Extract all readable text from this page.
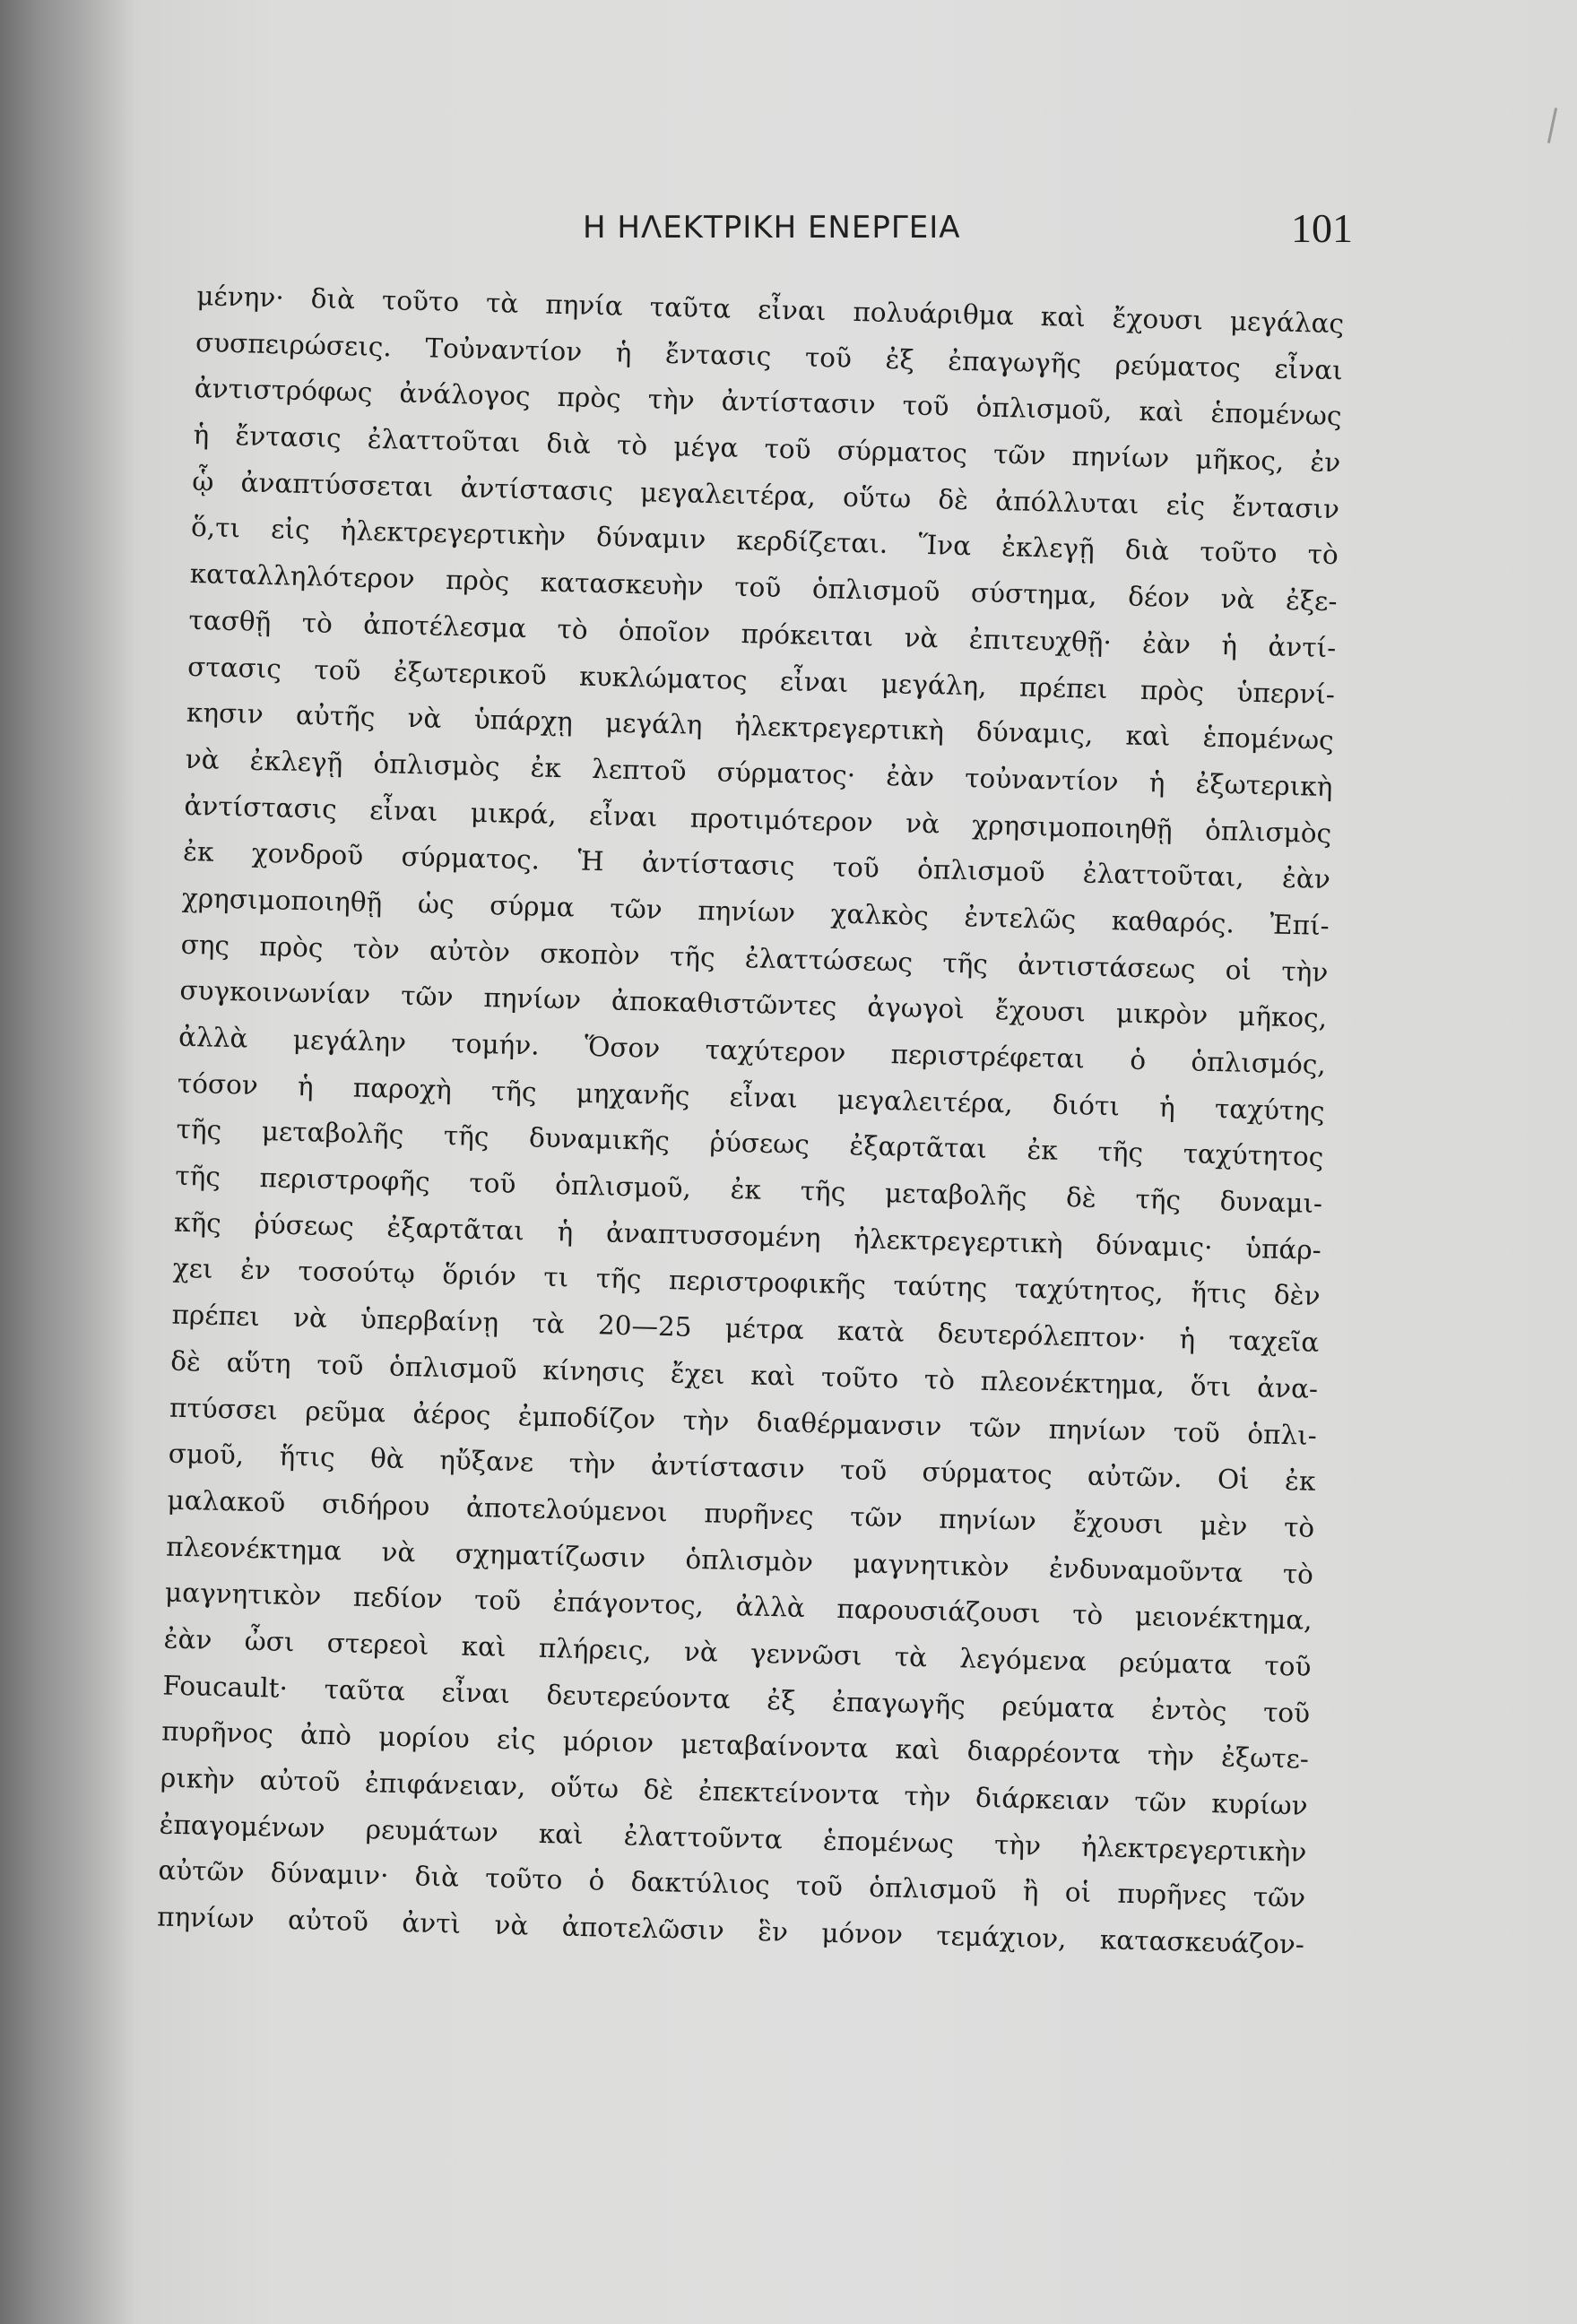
Η ΗΛΕΚΤΡΙΚΗ ΕΝΕΡΓΕΙΑ	101
μένην· διὰ τοῦτο τὰ πηνία ταῦτα εἶναι πολυάριθμα καὶ ἔχουσι μεγάλας
συσπειρώσεις. Τοὐναντίον ἡ ἔντασις τοῦ ἐξ ἐπαγωγῆς ρεύματος εἶναι
ἀντιστρόφως ἀνάλογος πρὸς τὴν ἀντίστασιν τοῦ ὁπλισμοῦ, καὶ ἑπομένως
ἡ ἔντασις ἐλαττοῦται διὰ τὸ μέγα τοῦ σύρματος τῶν πηνίων μῆκος, ἐν
ᾧ ἀναπτύσσεται ἀντίστασις μεγαλειτέρα, οὕτω δὲ ἀπόλλυται εἰς ἔντασιν
ὅ,τι εἰς ἠλεκτρεγερτικὴν δύναμιν κερδίζεται. Ἵνα ἐκλεγῇ διὰ τοῦτο τὸ
καταλληλότερον πρὸς κατασκευὴν τοῦ ὁπλισμοῦ σύστημα, δέον νὰ ἐξε-
τασθῇ τὸ ἀποτέλεσμα τὸ ὁποῖον πρόκειται νὰ ἐπιτευχθῇ· ἐὰν ἡ ἀντί-
στασις τοῦ ἐξωτερικοῦ κυκλώματος εἶναι μεγάλη, πρέπει πρὸς ὑπερνί-
κησιν αὐτῆς νὰ ὑπάρχῃ μεγάλη ἠλεκτρεγερτικὴ δύναμις, καὶ ἑπομένως
νὰ ἐκλεγῇ ὁπλισμὸς ἐκ λεπτοῦ σύρματος· ἐὰν τοὐναντίον ἡ ἐξωτερικὴ
ἀντίστασις εἶναι μικρά, εἶναι προτιμότερον νὰ χρησιμοποιηθῇ ὁπλισμὸς
ἐκ χονδροῦ σύρματος. Ἡ ἀντίστασις τοῦ ὁπλισμοῦ ἐλαττοῦται, ἐὰν
χρησιμοποιηθῇ ὡς σύρμα τῶν πηνίων χαλκὸς ἐντελῶς καθαρός. Ἐπί-
σης πρὸς τὸν αὐτὸν σκοπὸν τῆς ἐλαττώσεως τῆς ἀντιστάσεως οἱ τὴν
συγκοινωνίαν τῶν πηνίων ἀποκαθιστῶντες ἀγωγοὶ ἔχουσι μικρὸν μῆκος,
ἀλλὰ μεγάλην τομήν. Ὅσον ταχύτερον περιστρέφεται ὁ ὁπλισμός,
τόσον ἡ παροχὴ τῆς μηχανῆς εἶναι μεγαλειτέρα, διότι ἡ ταχύτης
τῆς μεταβολῆς τῆς δυναμικῆς ῥύσεως ἐξαρτᾶται ἐκ τῆς ταχύτητος
τῆς περιστροφῆς τοῦ ὁπλισμοῦ, ἐκ τῆς μεταβολῆς δὲ τῆς δυναμι-
κῆς ῥύσεως ἐξαρτᾶται ἡ ἀναπτυσσομένη ἠλεκτρεγερτικὴ δύναμις· ὑπάρ-
χει ἐν τοσούτῳ ὅριόν τι τῆς περιστροφικῆς ταύτης ταχύτητος, ἥτις δὲν
πρέπει νὰ ὑπερβαίνῃ τὰ 20—25 μέτρα κατὰ δευτερόλεπτον· ἡ ταχεῖα
δὲ αὕτη τοῦ ὁπλισμοῦ κίνησις ἔχει καὶ τοῦτο τὸ πλεονέκτημα, ὅτι ἀνα-
πτύσσει ρεῦμα ἀέρος ἐμποδίζον τὴν διαθέρμανσιν τῶν πηνίων τοῦ ὁπλι-
σμοῦ, ἥτις θὰ ηὔξανε τὴν ἀντίστασιν τοῦ σύρματος αὐτῶν. Οἱ ἐκ
μαλακοῦ σιδήρου ἀποτελούμενοι πυρῆνες τῶν πηνίων ἔχουσι μὲν τὸ
πλεονέκτημα νὰ σχηματίζωσιν ὁπλισμὸν μαγνητικὸν ἐνδυναμοῦντα τὸ
μαγνητικὸν πεδίον τοῦ ἐπάγοντος, ἀλλὰ παρουσιάζουσι τὸ μειονέκτημα,
ἐὰν ὦσι στερεοὶ καὶ πλήρεις, νὰ γεννῶσι τὰ λεγόμενα ρεύματα τοῦ
Foucault· ταῦτα εἶναι δευτερεύοντα ἐξ ἐπαγωγῆς ρεύματα ἐντὸς τοῦ
πυρῆνος ἀπὸ μορίου εἰς μόριον μεταβαίνοντα καὶ διαρρέοντα τὴν ἐξωτε-
ρικὴν αὐτοῦ ἐπιφάνειαν, οὕτω δὲ ἐπεκτείνοντα τὴν διάρκειαν τῶν κυρίων
ἐπαγομένων ρευμάτων καὶ ἐλαττοῦντα ἑπομένως τὴν ἠλεκτρεγερτικὴν
αὐτῶν δύναμιν· διὰ τοῦτο ὁ δακτύλιος τοῦ ὁπλισμοῦ ἢ οἱ πυρῆνες τῶν
πηνίων αὐτοῦ ἀντὶ νὰ ἀποτελῶσιν ἓν μόνον τεμάχιον, κατασκευάζον-
